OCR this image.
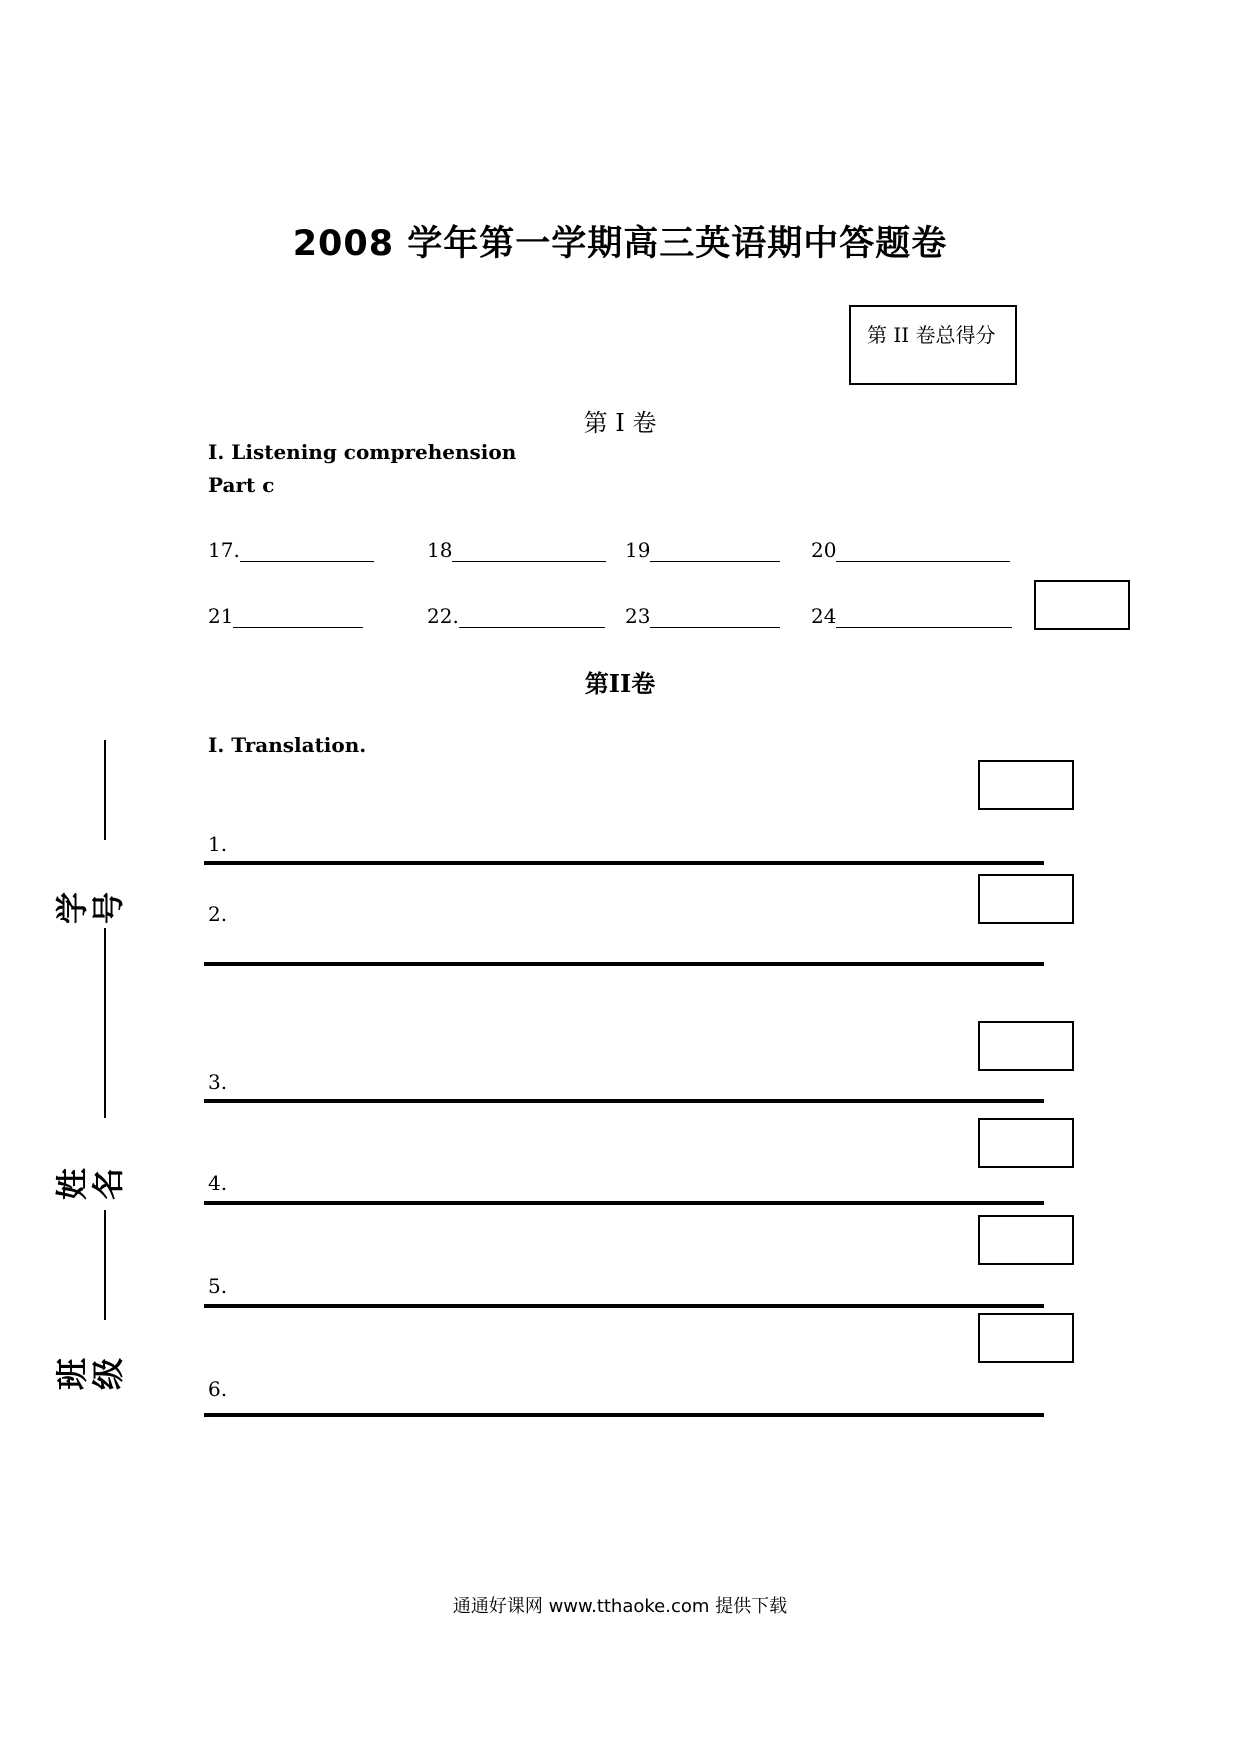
2008 学年第一学期高三英语期中答题卷
第 II 卷总得分
第 I 卷
I. Listening comprehension
Part c
17.	18	19	20
21	22.	23	24
第II卷
I. Translation.
1.
2.
3.
4.
5.
6.
学号
姓名
班级
通通好课网 www.tthaoke.com 提供下载
